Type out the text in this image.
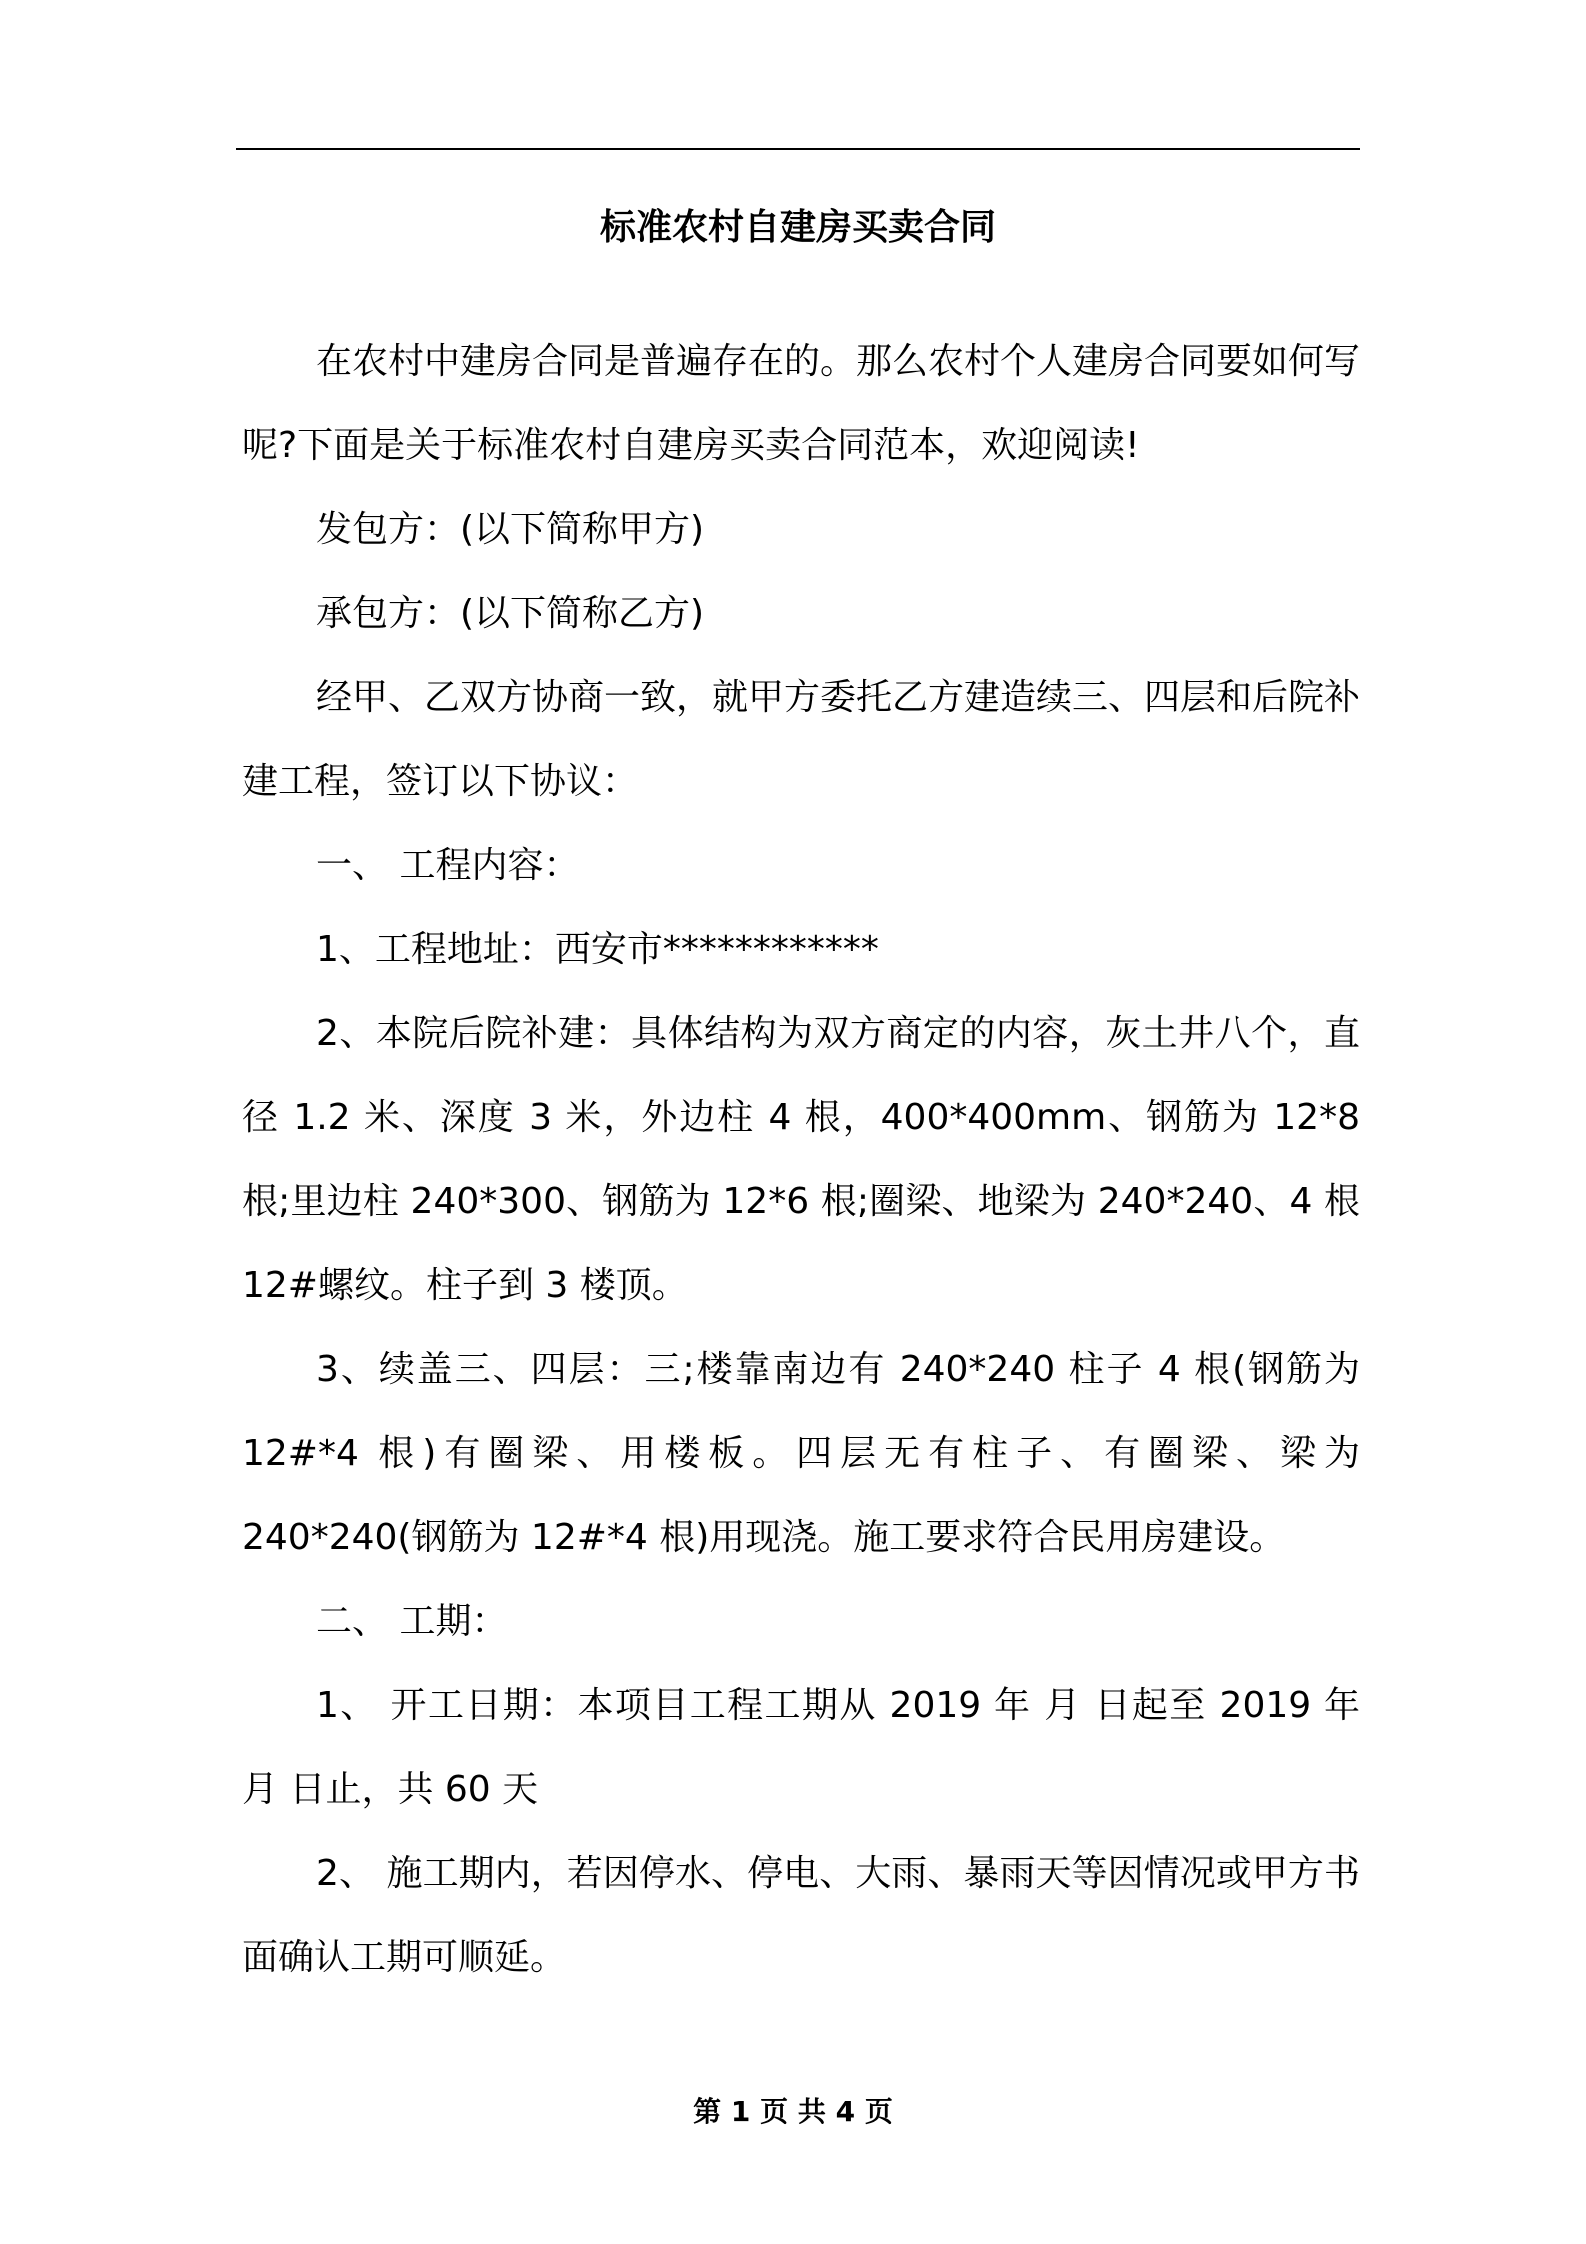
标准农村自建房买卖合同

在农村中建房合同是普遍存在的。那么农村个人建房合同要如何写呢?下面是关于标准农村自建房买卖合同范本，欢迎阅读!

发包方：(以下简称甲方)

承包方：(以下简称乙方)

经甲、乙双方协商一致，就甲方委托乙方建造续三、四层和后院补建工程，签订以下协议：

一、 工程内容：

1、工程地址：西安市************

2、本院后院补建：具体结构为双方商定的内容，灰土井八个，直径 1.2 米、深度 3 米，外边柱 4 根，400*400mm、钢筋为 12*8 根;里边柱 240*300、钢筋为 12*6 根;圈梁、地梁为 240*240、4 根 12#螺纹。柱子到 3 楼顶。

3、续盖三、四层：三;楼靠南边有 240*240 柱子 4 根(钢筋为 12#*4 根)有圈梁、用楼板。四层无有柱子、有圈梁、梁为 240*240(钢筋为 12#*4 根)用现浇。施工要求符合民用房建设。

二、 工期：

1、 开工日期：本项目工程工期从 2019 年 月 日起至 2019 年 月 日止，共 60 天

2、 施工期内，若因停水、停电、大雨、暴雨天等因情况或甲方书面确认工期可顺延。

第 1 页 共 4 页
